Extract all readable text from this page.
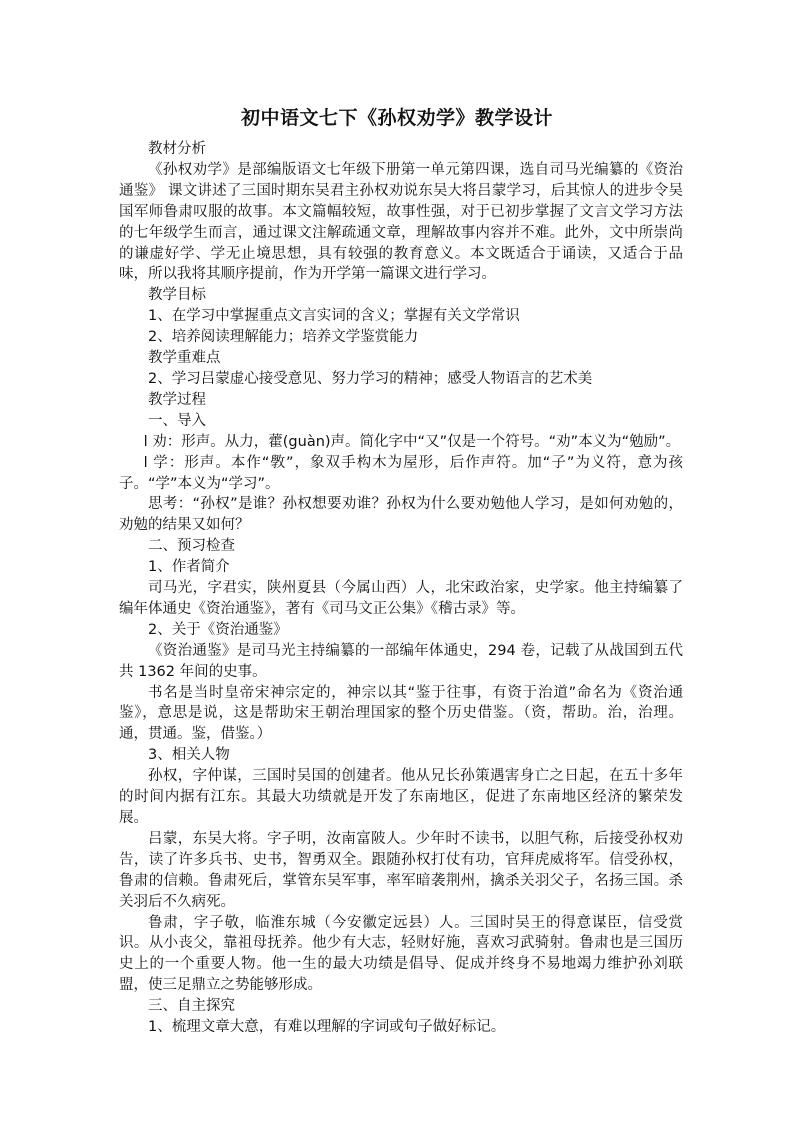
初中语文七下《孙权劝学》教学设计

教材分析

《孙权劝学》是部编版语文七年级下册第一单元第四课，选自司马光编纂的《资治通鉴》 课文讲述了三国时期东吴君主孙权劝说东吴大将吕蒙学习，后其惊人的进步令吴国军师鲁肃叹服的故事。本文篇幅较短，故事性强，对于已初步掌握了文言文学习方法的七年级学生而言，通过课文注解疏通文章，理解故事内容并不难。此外，文中所崇尚的谦虚好学、学无止境思想，具有较强的教育意义。本文既适合于诵读，又适合于品味，所以我将其顺序提前，作为开学第一篇课文进行学习。

教学目标

1、在学习中掌握重点文言实词的含义；掌握有关文学常识

2、培养阅读理解能力；培养文学鉴赏能力

教学重难点

2、学习吕蒙虚心接受意见、努力学习的精神；感受人物语言的艺术美

教学过程

一、导入

l 劝：形声。从力，藿(guàn)声。简化字中“又”仅是一个符号。“劝”本义为“勉励”。

l 学：形声。本作“斆”，象双手构木为屋形，后作声符。加“子”为义符，意为孩子。“学”本义为“学习”。

思考：“孙权”是谁？孙权想要劝谁？孙权为什么要劝勉他人学习，是如何劝勉的，劝勉的结果又如何？

二、预习检查

1、作者简介

司马光，字君实，陕州夏县（今属山西）人，北宋政治家，史学家。他主持编纂了编年体通史《资治通鉴》，著有《司马文正公集》《稽古录》等。

2、关于《资治通鉴》

《资治通鉴》是司马光主持编纂的一部编年体通史，294 卷，记载了从战国到五代共 1362 年间的史事。

书名是当时皇帝宋神宗定的，神宗以其“鉴于往事，有资于治道”命名为《资治通鉴》，意思是说，这是帮助宋王朝治理国家的整个历史借鉴。（资，帮助。治，治理。通，贯通。鉴，借鉴。）

3、相关人物

孙权，字仲谋，三国时吴国的创建者。他从兄长孙策遇害身亡之日起，在五十多年的时间内据有江东。其最大功绩就是开发了东南地区，促进了东南地区经济的繁荣发展。

吕蒙，东吴大将。字子明，汝南富陂人。少年时不读书，以胆气称，后接受孙权劝告，读了许多兵书、史书，智勇双全。跟随孙权打仗有功，官拜虎威将军。信受孙权，鲁肃的信赖。鲁肃死后，掌管东吴军事，率军暗袭荆州，擒杀关羽父子，名扬三国。杀关羽后不久病死。

鲁肃，字子敬，临淮东城（今安徽定远县）人。三国时吴王的得意谋臣，信受赏识。从小丧父，靠祖母抚养。他少有大志，轻财好施，喜欢习武骑射。鲁肃也是三国历史上的一个重要人物。他一生的最大功绩是倡导、促成并终身不易地竭力维护孙刘联盟，使三足鼎立之势能够形成。

三、自主探究

1、梳理文章大意，有难以理解的字词或句子做好标记。
